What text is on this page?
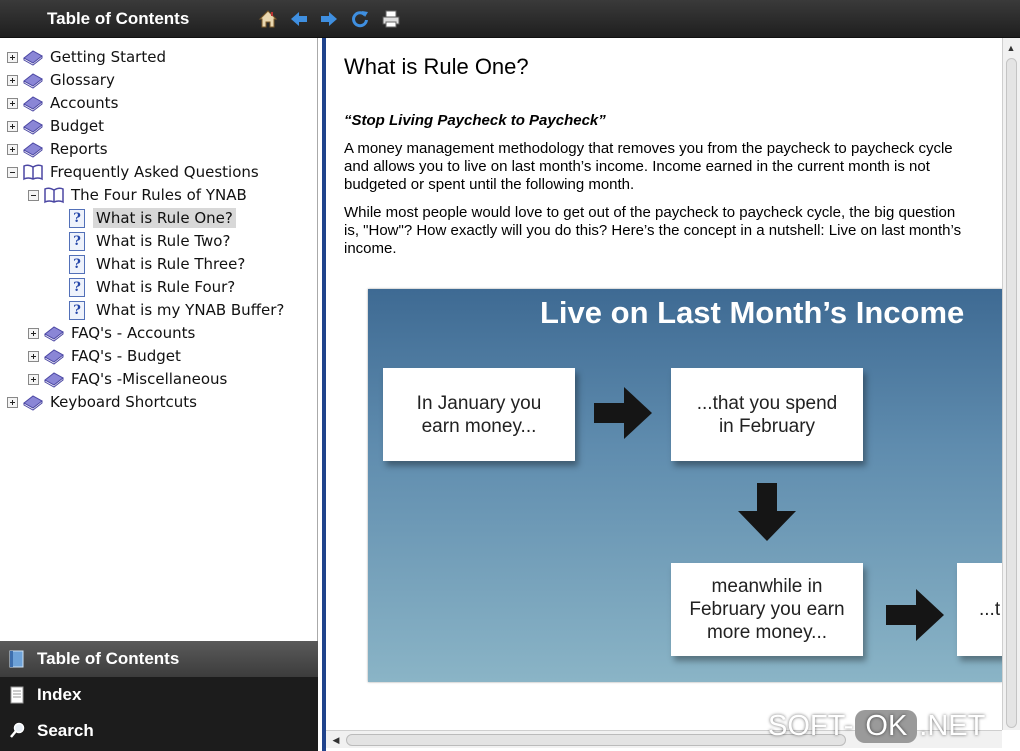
Table of Contents
Getting Started
Glossary
Accounts
Budget
Reports
Frequently Asked Questions
The Four Rules of YNAB
? What is Rule One?
? What is Rule Two?
? What is Rule Three?
? What is Rule Four?
? What is my YNAB Buffer?
FAQ's - Accounts
FAQ's - Budget
FAQ's -Miscellaneous
Keyboard Shortcuts
Table of Contents
Index
Search
What is Rule One?
“Stop Living Paycheck to Paycheck”
A money management methodology that removes you from the paycheck to paycheck cycle
and allows you to live on last month’s income. Income earned in the current month is not
budgeted or spent until the following month.
While most people would love to get out of the paycheck to paycheck cycle, the big question
is, "How"? How exactly will you do this? Here’s the concept in a nutshell: Live on last month’s
income.
Live on Last Month’s Income
In January you
earn money...
...that you spend
in February
meanwhile in
February you earn
more money...
...t
▲
◀	SOFT- OK .NET
